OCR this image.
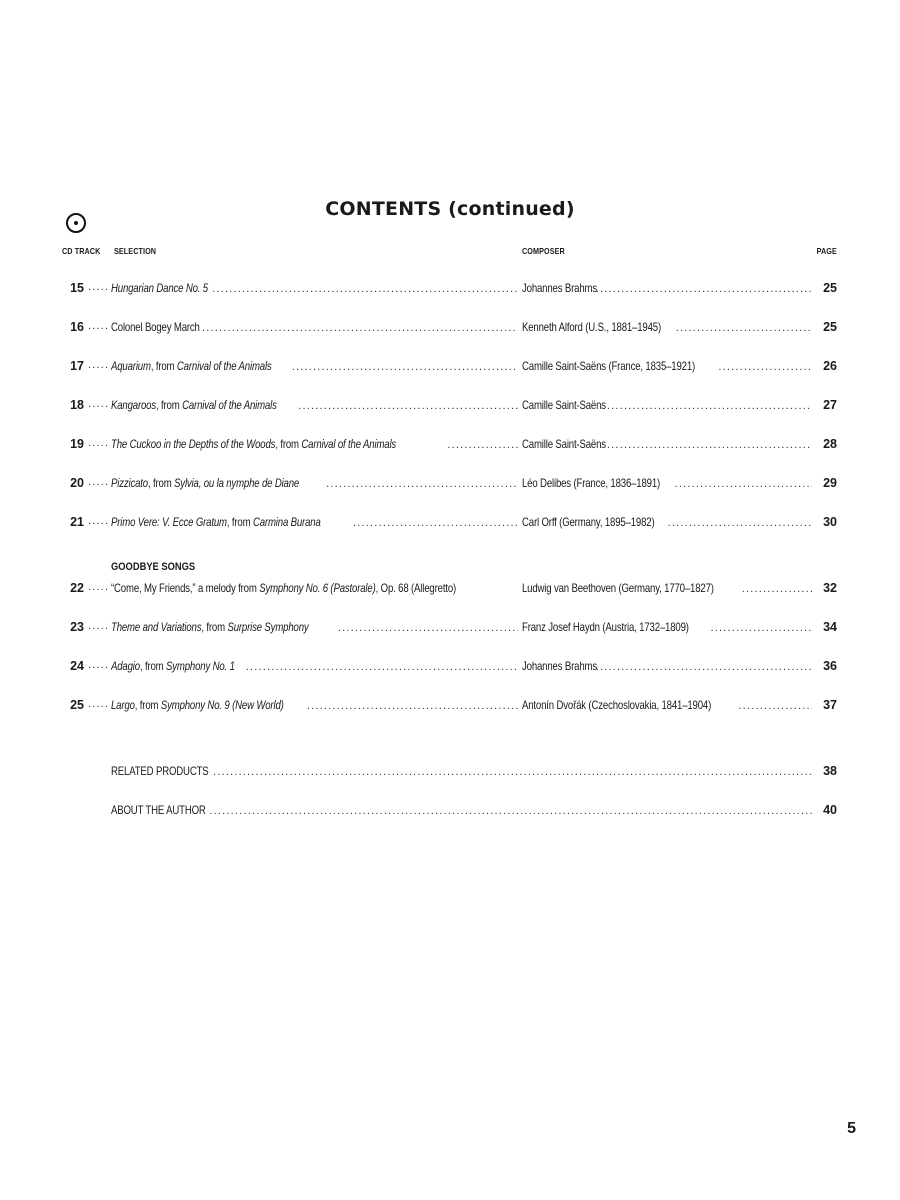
CONTENTS (continued)
CD TRACK SELECTION	COMPOSER	PAGE
GOODBYE SONGS
15 ..... Hungarian Dance No. 5 .....	Johannes Brahms .....	25
16 ..... Colonel Bogey March .....	Kenneth Alford (U.S., 1881–1945) .....	25
17 ..... Aquarium, from Carnival of the Animals .....	Camille Saint-Saëns (France, 1835–1921) .....	26
18 ..... Kangaroos, from Carnival of the Animals .....	Camille Saint-Saëns .....	27
19 ..... The Cuckoo in the Depths of the Woods, from Carnival of the Animals .....	Camille Saint-Saëns .....	28
20 ..... Pizzicato, from Sylvia, ou la nymphe de Diane .....	Léo Delibes (France, 1836–1891) .....	29
21 ..... Primo Vere: V. Ecce Gratum, from Carmina Burana .....	Carl Orff (Germany, 1895–1982) .....	30
22 ..... “Come, My Friends,” a melody from Symphony No. 6 (Pastorale), Op. 68 (Allegretto)	Ludwig van Beethoven (Germany, 1770–1827) .....	32
23 ..... Theme and Variations, from Surprise Symphony .....	Franz Josef Haydn (Austria, 1732–1809) .....	34
24 ..... Adagio, from Symphony No. 1 .....	Johannes Brahms .....	36
25 ..... Largo, from Symphony No. 9 (New World) .....	Antonín Dvořák (Czechoslovakia, 1841–1904) .....	37
RELATED PRODUCTS .....	38
ABOUT THE AUTHOR .....	40
5
